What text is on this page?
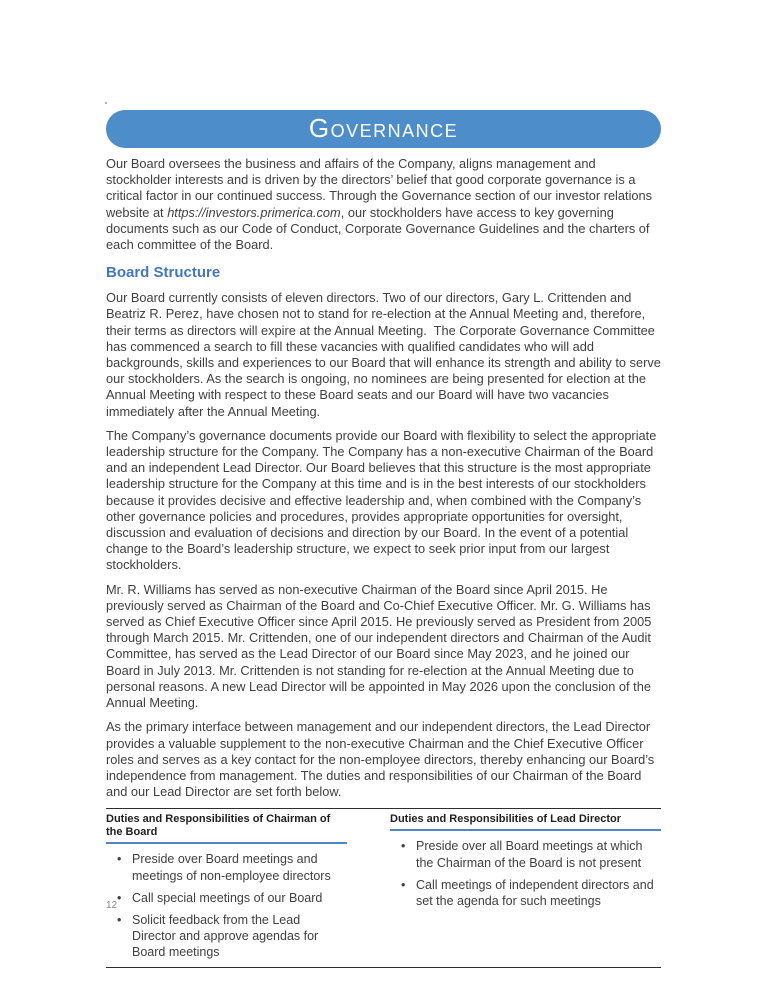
Governance

Our Board oversees the business and affairs of the Company, aligns management and stockholder interests and is driven by the directors’ belief that good corporate governance is a critical factor in our continued success. Through the Governance section of our investor relations website at https://investors.primerica.com, our stockholders have access to key governing documents such as our Code of Conduct, Corporate Governance Guidelines and the charters of each committee of the Board.

Board Structure

Our Board currently consists of eleven directors. Two of our directors, Gary L. Crittenden and Beatriz R. Perez, have chosen not to stand for re-election at the Annual Meeting and, therefore, their terms as directors will expire at the Annual Meeting.  The Corporate Governance Committee has commenced a search to fill these vacancies with qualified candidates who will add backgrounds, skills and experiences to our Board that will enhance its strength and ability to serve our stockholders. As the search is ongoing, no nominees are being presented for election at the Annual Meeting with respect to these Board seats and our Board will have two vacancies immediately after the Annual Meeting.

The Company’s governance documents provide our Board with flexibility to select the appropriate leadership structure for the Company. The Company has a non-executive Chairman of the Board and an independent Lead Director. Our Board believes that this structure is the most appropriate leadership structure for the Company at this time and is in the best interests of our stockholders because it provides decisive and effective leadership and, when combined with the Company’s other governance policies and procedures, provides appropriate opportunities for oversight, discussion and evaluation of decisions and direction by our Board. In the event of a potential change to the Board’s leadership structure, we expect to seek prior input from our largest stockholders.

Mr. R. Williams has served as non-executive Chairman of the Board since April 2015. He previously served as Chairman of the Board and Co-Chief Executive Officer. Mr. G. Williams has served as Chief Executive Officer since April 2015. He previously served as President from 2005 through March 2015. Mr. Crittenden, one of our independent directors and Chairman of the Audit Committee, has served as the Lead Director of our Board since May 2023, and he joined our Board in July 2013. Mr. Crittenden is not standing for re-election at the Annual Meeting due to personal reasons. A new Lead Director will be appointed in May 2026 upon the conclusion of the Annual Meeting.

As the primary interface between management and our independent directors, the Lead Director provides a valuable supplement to the non-executive Chairman and the Chief Executive Officer roles and serves as a key contact for the non-employee directors, thereby enhancing our Board’s independence from management. The duties and responsibilities of our Chairman of the Board and our Lead Director are set forth below.

Duties and Responsibilities of Chairman of the Board
• Preside over Board meetings and meetings of non-employee directors
• Call special meetings of our Board
• Solicit feedback from the Lead Director and approve agendas for Board meetings
Duties and Responsibilities of Lead Director
• Preside over all Board meetings at which the Chairman of the Board is not present
• Call meetings of independent directors and set the agenda for such meetings
12
